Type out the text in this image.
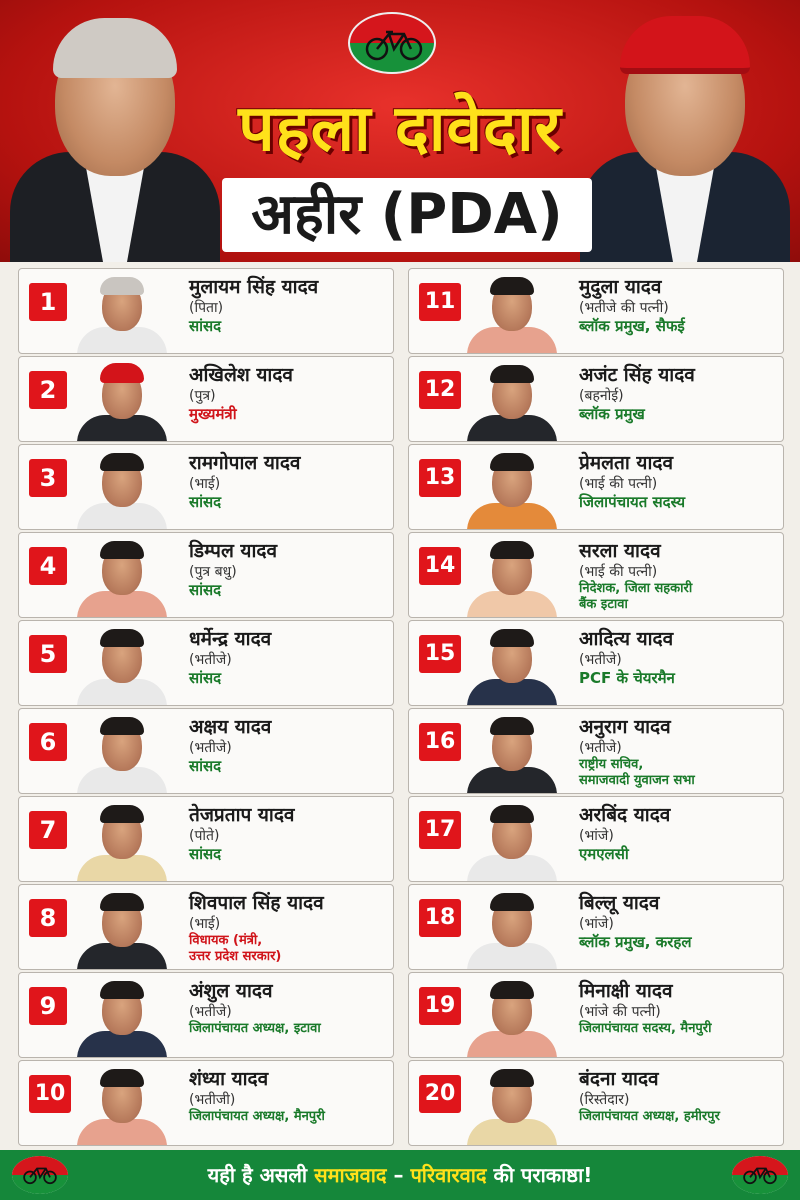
पहला दावेदार
अहीर (PDA)
1
मुलायम सिंह यादव
(पिता)
सांसद
2
अखिलेश यादव
(पुत्र)
मुख्यमंत्री
3
रामगोपाल यादव
(भाई)
सांसद
4
डिम्पल यादव
(पुत्र बधु)
सांसद
5
धर्मेन्द्र यादव
(भतीजे)
सांसद
6
अक्षय यादव
(भतीजे)
सांसद
7
तेजप्रताप यादव
(पोते)
सांसद
8
शिवपाल सिंह यादव
(भाई)
विधायक (मंत्री,
उत्तर प्रदेश सरकार)
9
अंशुल यादव
(भतीजे)
जिलापंचायत अध्यक्ष, इटावा
10
शंध्या यादव
(भतीजी)
जिलापंचायत अध्यक्ष, मैनपुरी
11
मुदुला यादव
(भतीजे की पत्नी)
ब्लॉक प्रमुख, सैफई
12
अजंट सिंह यादव
(बहनोई)
ब्लॉक प्रमुख
13
प्रेमलता यादव
(भाई की पत्नी)
जिलापंचायत सदस्य
14
सरला यादव
(भाई की पत्नी)
निदेशक, जिला सहकारी
बैंक इटावा
15
आदित्य यादव
(भतीजे)
PCF के चेयरमैन
16
अनुराग यादव
(भतीजे)
राष्ट्रीय सचिव,
समाजवादी युवाजन सभा
17
अरबिंद यादव
(भांजे)
एमएलसी
18
बिल्लू यादव
(भांजे)
ब्लॉक प्रमुख, करहल
19
मिनाक्षी यादव
(भांजे की पत्नी)
जिलापंचायत सदस्य, मैनपुरी
20
बंदना यादव
(रिस्तेदार)
जिलापंचायत अध्यक्ष, हमीरपुर
यही है असली समाजवाद – परिवारवाद की पराकाष्ठा!
